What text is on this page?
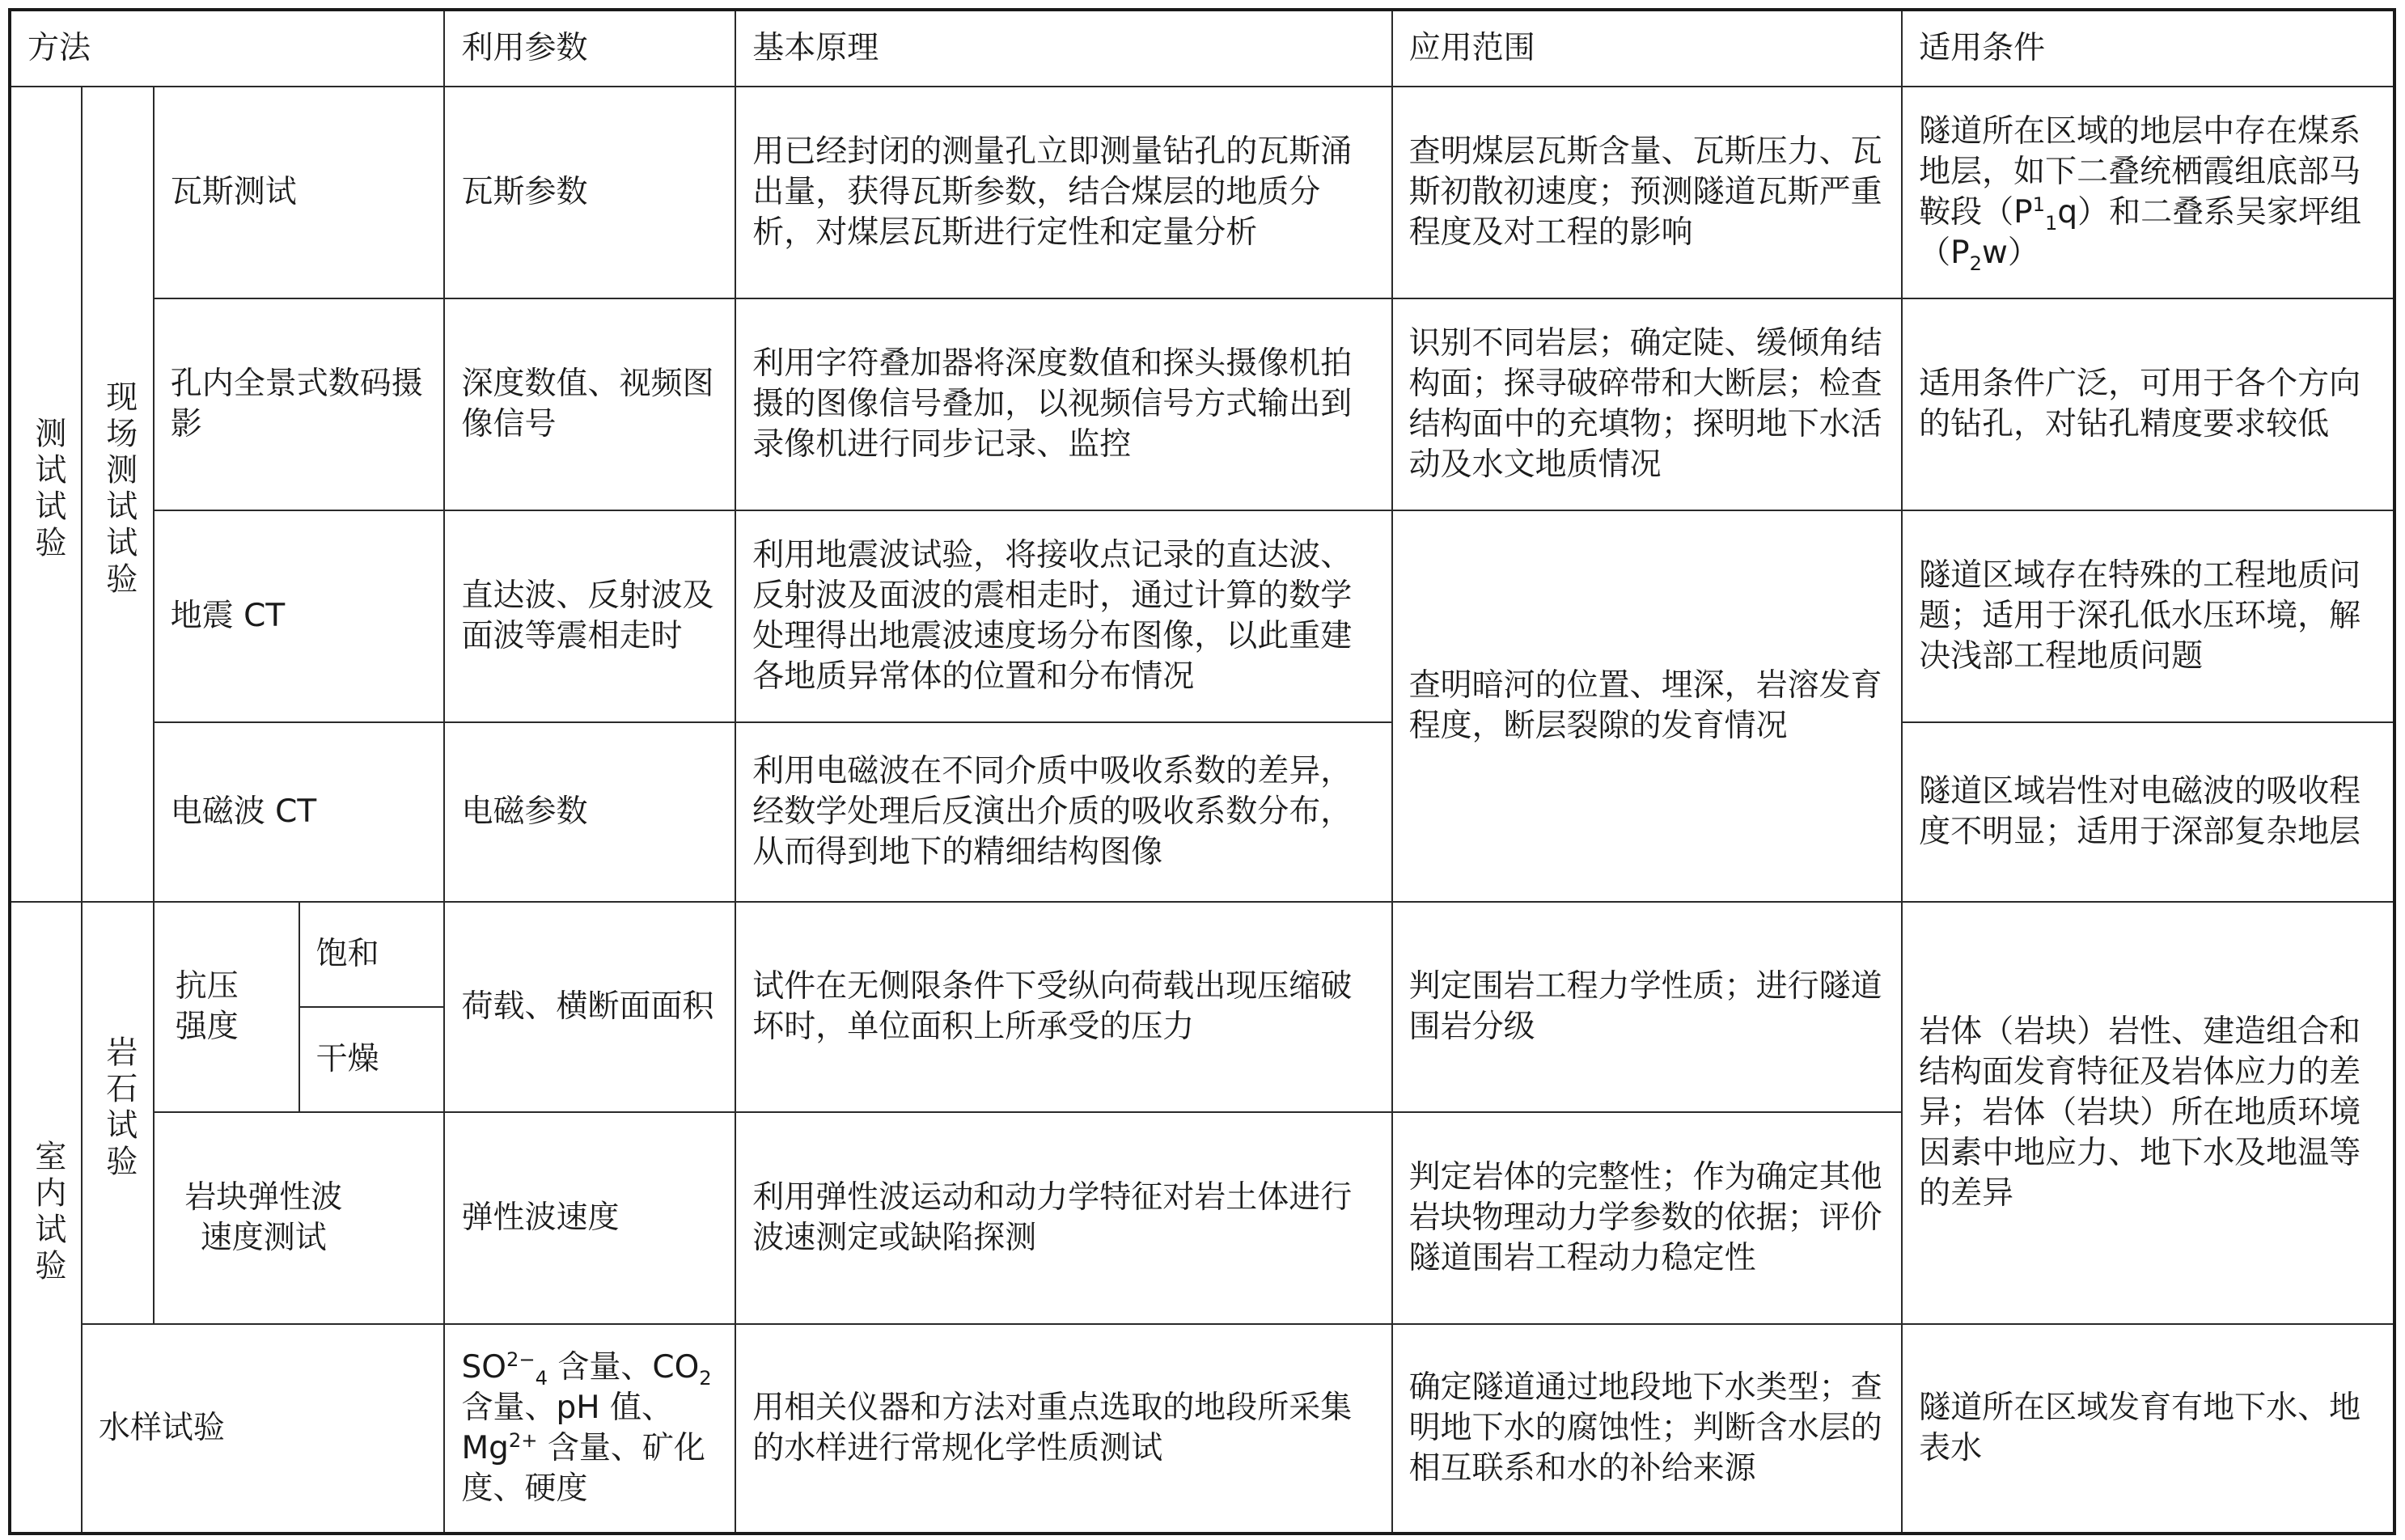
方法				利用参数	基本原理	应用范围	适用条件
测试试验	现场测试试验	瓦斯测试		瓦斯参数	用已经封闭的测量孔立即测量钻孔的瓦斯涌出量，获得瓦斯参数，结合煤层的地质分析，对煤层瓦斯进行定性和定量分析	查明煤层瓦斯含量、瓦斯压力、瓦斯初散初速度；预测隧道瓦斯严重程度及对工程的影响	隧道所在区域的地层中存在煤系地层，如下二叠统栖霞组底部马鞍段$(P^1_1q)$和二叠系吴家坪组$(P_2w)$
		孔内全景式数码摄影		深度数值、视频图像信号	利用字符叠加器将深度数值和探头摄像机拍摄的图像信号叠加，以视频信号方式输出到录像机进行同步记录、监控	识别不同岩层；确定陡、缓倾角结构面；探寻破碎带和大断层；检查结构面中的充填物；探明地下水活动及水文地质情况	适用条件广泛，可用于各个方向的钻孔，对钻孔精度要求较低
		地震 CT		直达波、反射波及面波等震相走时	利用地震波试验，将接收点记录的直达波、反射波及面波的震相走时，通过计算的数学处理得出地震波速度场分布图像，以此重建各地质异常体的位置和分布情况	查明暗河的位置、埋深，岩溶发育程度，断层裂隙的发育情况	隧道区域存在特殊的工程地质问题；适用于深孔低水压环境，解决浅部工程地质问题
		电磁波 CT		电磁参数	利用电磁波在不同介质中吸收系数的差异，经数学处理后反演出介质的吸收系数分布，从而得到地下的精细结构图像		隧道区域岩性对电磁波的吸收程度不明显；适用于深部复杂地层
室内试验	岩石试验	抗压强度	饱和	荷载、横断面面积	试件在无侧限条件下受纵向荷载出现压缩破坏时，单位面积上所承受的压力	判定围岩工程力学性质；进行隧道围岩分级	岩体（岩块）岩性、建造组合和结构面发育特征及岩体应力的差异；岩体（岩块）所在地质环境因素中地应力、地下水及地温等的差异
			干燥				
		岩块弹性波速度测试		弹性波速度	利用弹性波运动和动力学特征对岩土体进行波速测定或缺陷探测	判定岩体的完整性；作为确定其他岩块物理动力学参数的依据；评价隧道围岩工程动力稳定性	
	水样试验			$SO^{2-}_4$ 含量、$CO_2$ 含量、pH 值、$Mg^{2+}$ 含量、矿化度、硬度	用相关仪器和方法对重点选取的地段所采集的水样进行常规化学性质测试	确定隧道通过地段地下水类型；查明地下水的腐蚀性；判断含水层的相互联系和水的补给来源	隧道所在区域发育有地下水、地表水
